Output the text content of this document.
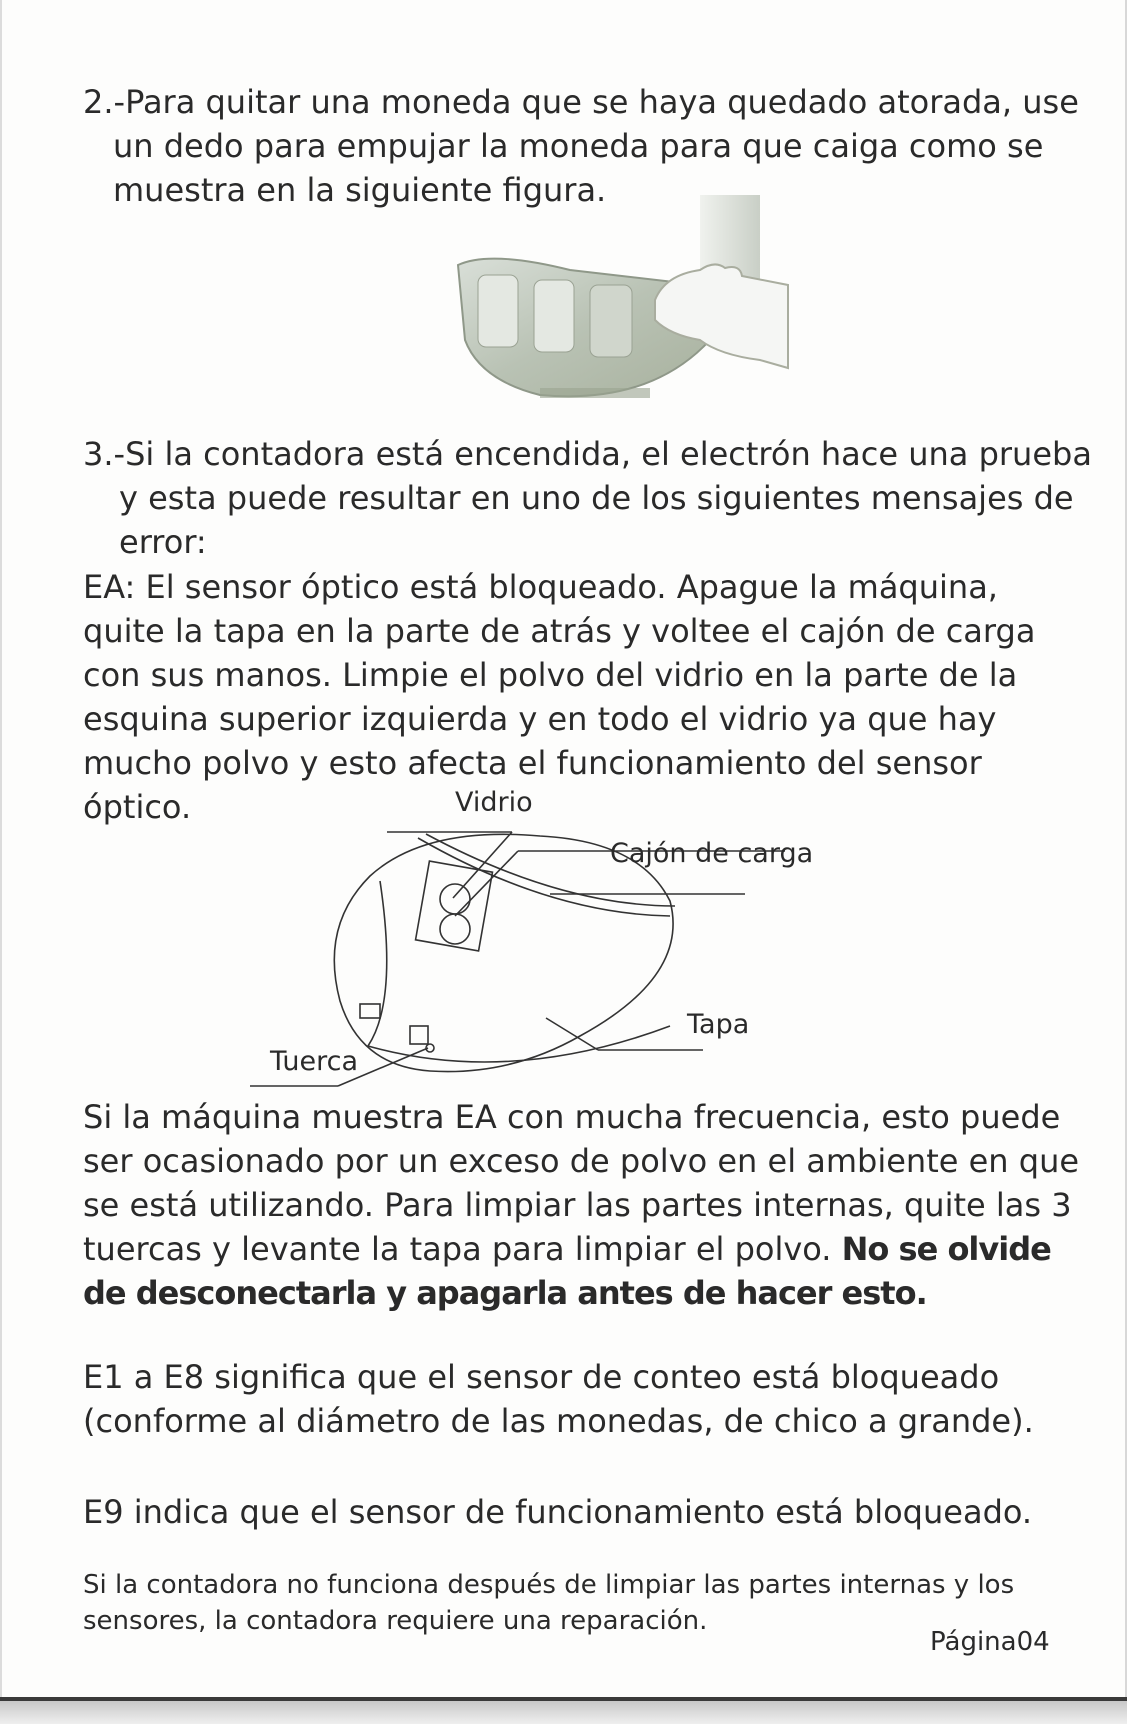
2.-Para quitar una moneda que se haya quedado atorada, use un dedo para empujar la moneda para que caiga como se muestra en la siguiente figura.

3.-Si la contadora está encendida, el electrón hace una prueba y esta puede resultar en uno de los siguientes mensajes de error:

EA: El sensor óptico está bloqueado. Apague la máquina, quite la tapa en la parte de atrás y voltee el cajón de carga con sus manos. Limpie el polvo del vidrio en la parte de la esquina superior izquierda y en todo el vidrio ya que hay mucho polvo y esto afecta el funcionamiento del sensor óptico.	Vidrio
Cajón de carga
Tapa
Tuerca

Si la máquina muestra EA con mucha frecuencia, esto puede ser ocasionado por un exceso de polvo en el ambiente en que se está utilizando. Para limpiar las partes internas, quite las 3 tuercas y levante la tapa para limpiar el polvo. No se olvide de desconectarla y apagarla antes de hacer esto.

E1 a E8 significa que el sensor de conteo está bloqueado (conforme al diámetro de las monedas, de chico a grande).

E9 indica que el sensor de funcionamiento está bloqueado.

Si la contadora no funciona después de limpiar las partes internas y los sensores, la contadora requiere una reparación.

Página04
